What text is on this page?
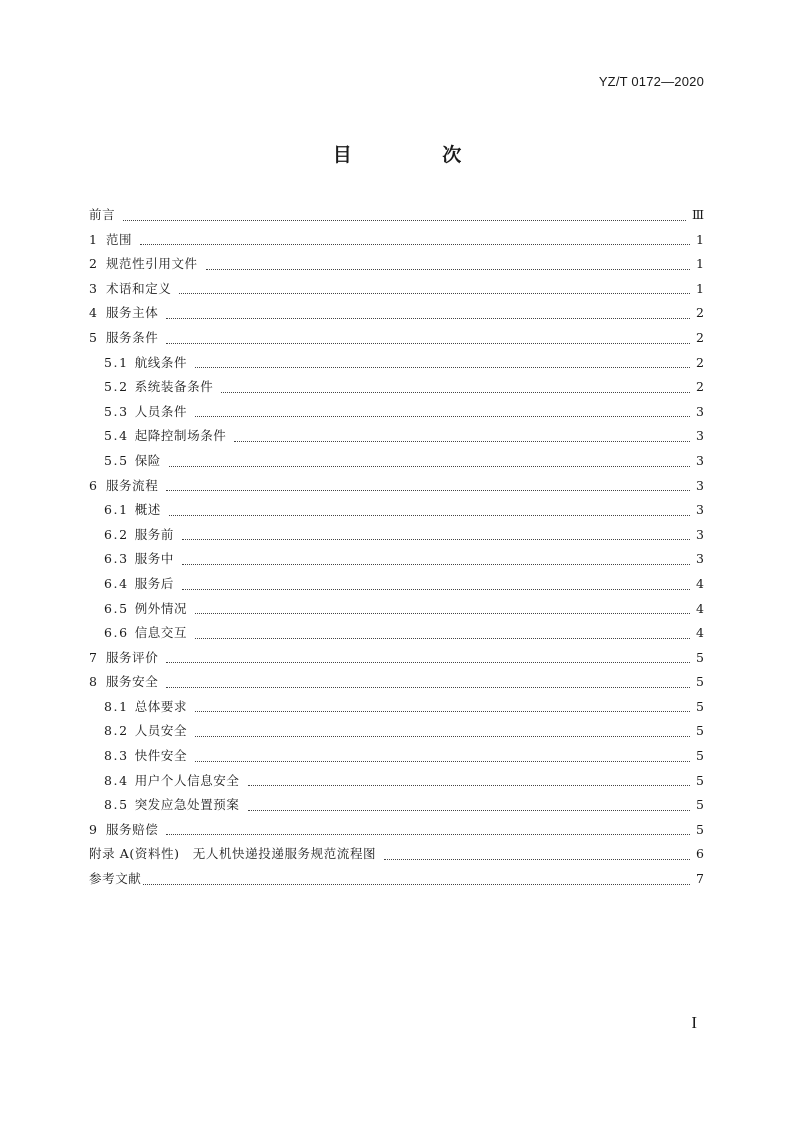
YZ/T 0172—2020
目 次
前言	Ⅲ
1 范围	1
2 规范性引用文件	1
3 术语和定义	1
4 服务主体	2
5 服务条件	2
5.1 航线条件	2
5.2 系统装备条件	2
5.3 人员条件	3
5.4 起降控制场条件	3
5.5 保险	3
6 服务流程	3
6.1 概述	3
6.2 服务前	3
6.3 服务中	3
6.4 服务后	4
6.5 例外情况	4
6.6 信息交互	4
7 服务评价	5
8 服务安全	5
8.1 总体要求	5
8.2 人员安全	5
8.3 快件安全	5
8.4 用户个人信息安全	5
8.5 突发应急处置预案	5
9 服务赔偿	5
附录 A(资料性)　无人机快递投递服务规范流程图	6
参考文献	7
I
